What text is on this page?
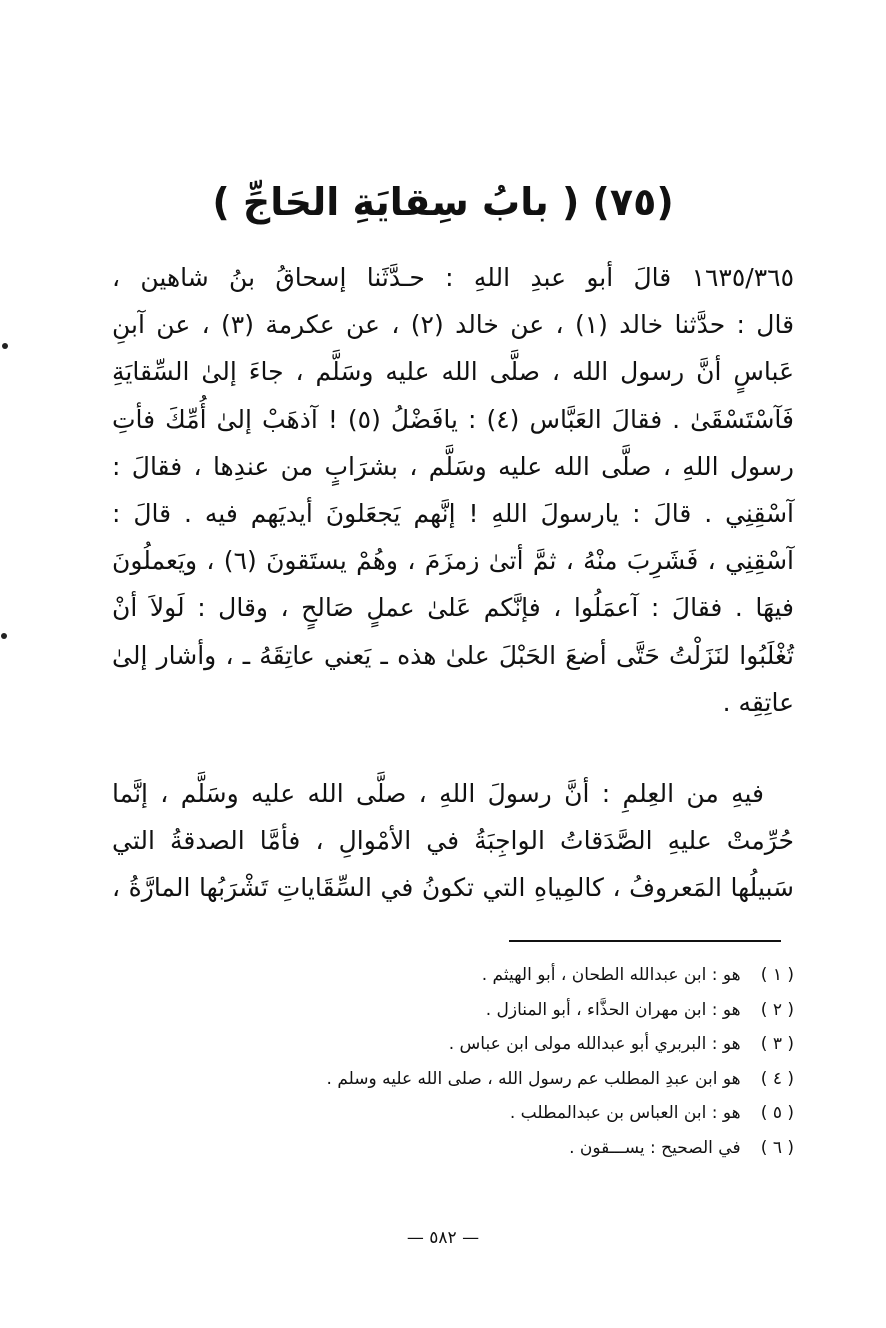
(٧٥) ( بابُ سِقايَةِ الحَاجِّ )
١٦٣٥/٣٦٥ قالَ أبو عبدِ اللهِ : حـدَّثَنا إسحاقُ بنُ شاهين ،
قال : حدَّثنا خالد (١) ، عن خالد (٢) ، عن عكرمة (٣) ، عن آبنِ
عَباسٍ أنَّ رسول الله ، صلَّى الله عليه وسَلَّم ، جاءَ إلىٰ السِّقايَةِ
فَآسْتَسْقَىٰ . فقالَ العَبَّاس (٤) : يافَضْلُ (٥) ! آذهَبْ إلىٰ أُمِّكَ فأتِ
رسول اللهِ ، صلَّى الله عليه وسَلَّم ، بشرَابٍ من عندِها ، فقالَ :
آسْقِنِي . قالَ : يارسولَ اللهِ ! إنَّهم يَجعَلونَ أيديَهم فيه . قالَ :
آسْقِنِي ، فَشَرِبَ منْهُ ، ثمَّ أتىٰ زمزَمَ ، وهُمْ يستَقونَ (٦) ، ويَعملُونَ
فيهَا . فقالَ : آعمَلُوا ، فإنَّكم عَلىٰ عملٍ صَالحٍ ، وقال : لَولاَ أنْ
تُغْلَبُوا لنَزَلْتُ حَتَّى أضعَ الحَبْلَ علىٰ هذه ـ يَعني عاتِقَهُ ـ ، وأشار إلىٰ
عاتِقِه .
فيهِ من العِلمِ : أنَّ رسولَ اللهِ ، صلَّى الله عليه وسَلَّم ، إنَّما
حُرِّمتْ عليهِ الصَّدَقاتُ الواجِبَةُ في الأمْوالِ ، فأمَّا الصدقةُ التي
سَبيلُها المَعروفُ ، كالمِياهِ التي تكونُ في السِّقَاياتِ تَشْرَبُها المارَّةُ ،
( ١ ) هو : ابن عبدالله الطحان ، أبو الهيثم .
( ٢ ) هو : ابن مهران الحذَّاء ، أبو المنازل .
( ٣ ) هو : البربري أبو عبدالله مولى ابن عباس .
( ٤ ) هو ابن عبدِ المطلب عم رسول الله ، صلى الله عليه وسلم .
( ٥ ) هو : ابن العباس بن عبدالمطلب .
( ٦ ) في الصحيح : يســـقون .
— ٥٨٢ —
